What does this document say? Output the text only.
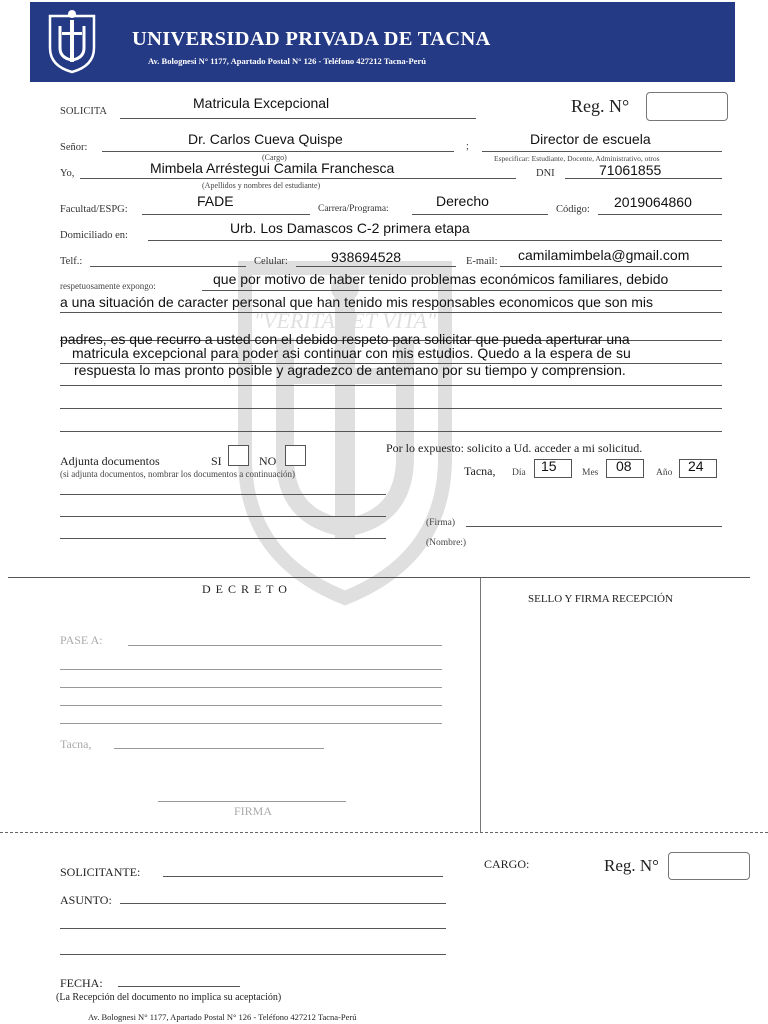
"VERITAS ET VITA"
UNIVERSIDAD PRIVADA DE TACNA
Av. Bolognesi N° 1177, Apartado Postal N° 126 - Teléfono 427212 Tacna-Perú
SOLICITA
Matricula Excepcional	Reg. N°
Señor:
Dr. Carlos Cueva Quispe	;	Director de escuela
(Cargo)	Especificar: Estudiante, Docente, Administrativo, otros
Yo,	Mimbela Arréstegui Camila Franchesca	DNI	71061855
(Apellidos y nombres del estudiante)
Facultad/ESPG:
FADE	Carrera/Programa:	Derecho
Código: 2019064860
Domiciliado en:	Urb. Los Damascos C-2 primera etapa
Telf.:	Celular:	938694528	E-mail: camilamimbela@gmail.com
respetuosamente expongo:	que por motivo de haber tenido problemas económicos familiares, debido
a una situación de caracter personal que han tenido mis responsables economicos que son mis
padres, es que recurro a usted con el debido respeto para solicitar que pueda aperturar una
matricula excepcional para poder asi continuar con mis estudios. Quedo a la espera de su
respuesta lo mas pronto posible y agradezco de antemano por su tiempo y comprension.
Adjunta documentos	SI	NO
(si adjunta documentos, nombrar los documentos a continuación)
Por lo expuesto: solicito a Ud. acceder a mi solicitud.
Tacna, Día 15	Mes 08	Año 24
(Firma)
(Nombre:)
D E C R E T O
SELLO Y FIRMA RECEPCIÓN
PASE A:
Tacna,
FIRMA
SOLICITANTE:
ASUNTO:
CARGO:	Reg. N°
FECHA:
(La Recepción del documento no implica su aceptación)
Av. Bolognesi N° 1177, Apartado Postal N° 126 - Teléfono 427212 Tacna-Perú
